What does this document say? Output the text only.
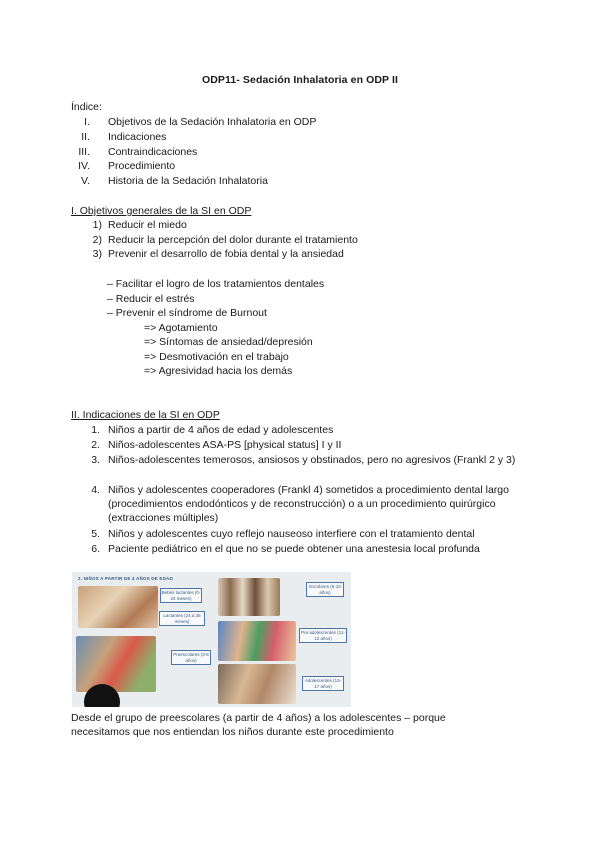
ODP11- Sedación Inhalatoria en ODP II
Índice:
I. Objetivos de la Sedación Inhalatoria en ODP
II. Indicaciones
III. Contraindicaciones
IV. Procedimiento
V. Historia de la Sedación Inhalatoria
I. Objetivos generales de la SI en ODP
1) Reducir el miedo
2) Reducir la percepción del dolor durante el tratamiento
3) Prevenir el desarrollo de fobia dental y la ansiedad
– Facilitar el logro de los tratamientos dentales
– Reducir el estrés
– Prevenir el síndrome de Burnout
=> Agotamiento
=> Síntomas de ansiedad/depresión
=> Desmotivación en el trabajo
=> Agresividad hacia los demás
II. Indicaciones de la SI en ODP
1. Niños a partir de 4 años de edad y adolescentes
2. Niños-adolescentes ASA-PS [physical status] I y II
3. Niños-adolescentes temerosos, ansiosos y obstinados, pero no agresivos (Frankl 2 y 3)
4. Niños y adolescentes cooperadores (Frankl 4) sometidos a procedimiento dental largo (procedimientos endodónticos y de reconstrucción) o a un procedimiento quirúrgico (extracciones múltiples)
5. Niños y adolescentes cuyo reflejo nauseoso interfiere con el tratamiento dental
6. Paciente pediátrico en el que no se puede obtener una anestesia local profunda
2. NIÑOS A PARTIR DE 4 AÑOS DE EDAD
Bebés lactantes (0-24 meses)
Lactantes (24 a 36 meses)
Preescolares (3-5 años)
Escolares (6-10 años)
Pre adolescentes (11-12 años)
Adolescentes (13-17 años)
Desde el grupo de preescolares (a partir de 4 años) a los adolescentes – porque necesitamos que nos entiendan los niños durante este procedimiento
